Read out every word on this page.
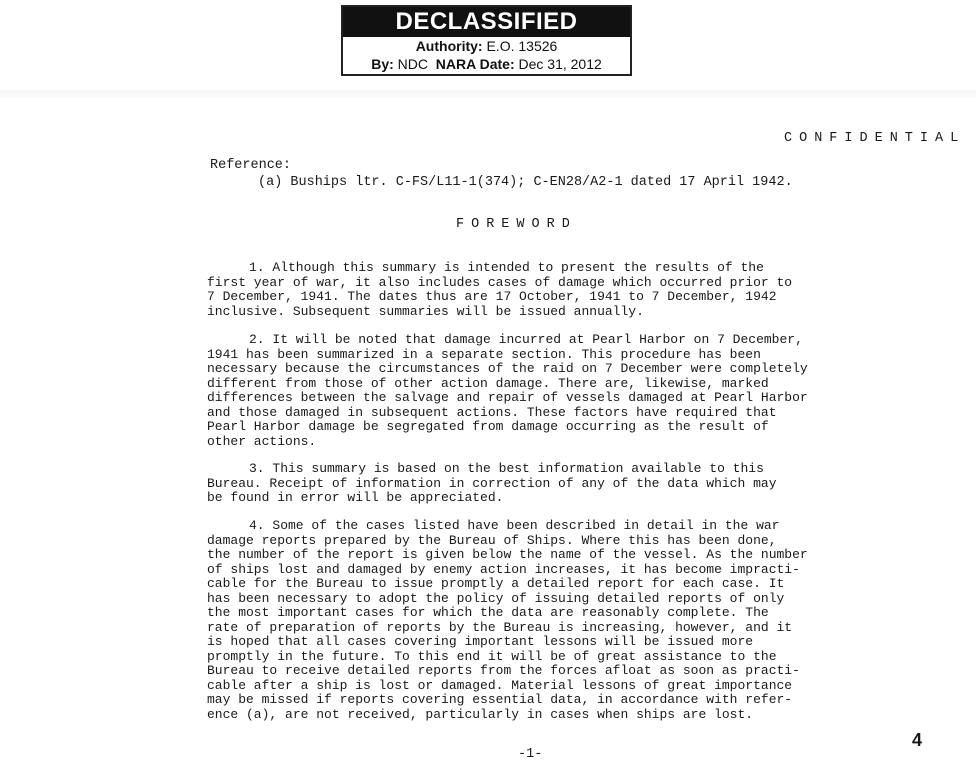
DECLASSIFIED
Authority: E.O. 13526
By: NDC NARA Date: Dec 31, 2012
CONFIDENTIAL
Reference:
(a) Buships ltr. C-FS/L11-1(374); C-EN28/A2-1 dated 17 April 1942.
FOREWORD
1. Although this summary is intended to present the results of the
first year of war, it also includes cases of damage which occurred prior to
7 December, 1941. The dates thus are 17 October, 1941 to 7 December, 1942
inclusive. Subsequent summaries will be issued annually.
2. It will be noted that damage incurred at Pearl Harbor on 7 December,
1941 has been summarized in a separate section. This procedure has been
necessary because the circumstances of the raid on 7 December were completely
different from those of other action damage. There are, likewise, marked
differences between the salvage and repair of vessels damaged at Pearl Harbor
and those damaged in subsequent actions. These factors have required that
Pearl Harbor damage be segregated from damage occurring as the result of
other actions.
3. This summary is based on the best information available to this
Bureau. Receipt of information in correction of any of the data which may
be found in error will be appreciated.
4. Some of the cases listed have been described in detail in the war
damage reports prepared by the Bureau of Ships. Where this has been done,
the number of the report is given below the name of the vessel. As the number
of ships lost and damaged by enemy action increases, it has become impracti-
cable for the Bureau to issue promptly a detailed report for each case. It
has been necessary to adopt the policy of issuing detailed reports of only
the most important cases for which the data are reasonably complete. The
rate of preparation of reports by the Bureau is increasing, however, and it
is hoped that all cases covering important lessons will be issued more
promptly in the future. To this end it will be of great assistance to the
Bureau to receive detailed reports from the forces afloat as soon as practi-
cable after a ship is lost or damaged. Material lessons of great importance
may be missed if reports covering essential data, in accordance with refer-
ence (a), are not received, particularly in cases when ships are lost.
-1-
4
